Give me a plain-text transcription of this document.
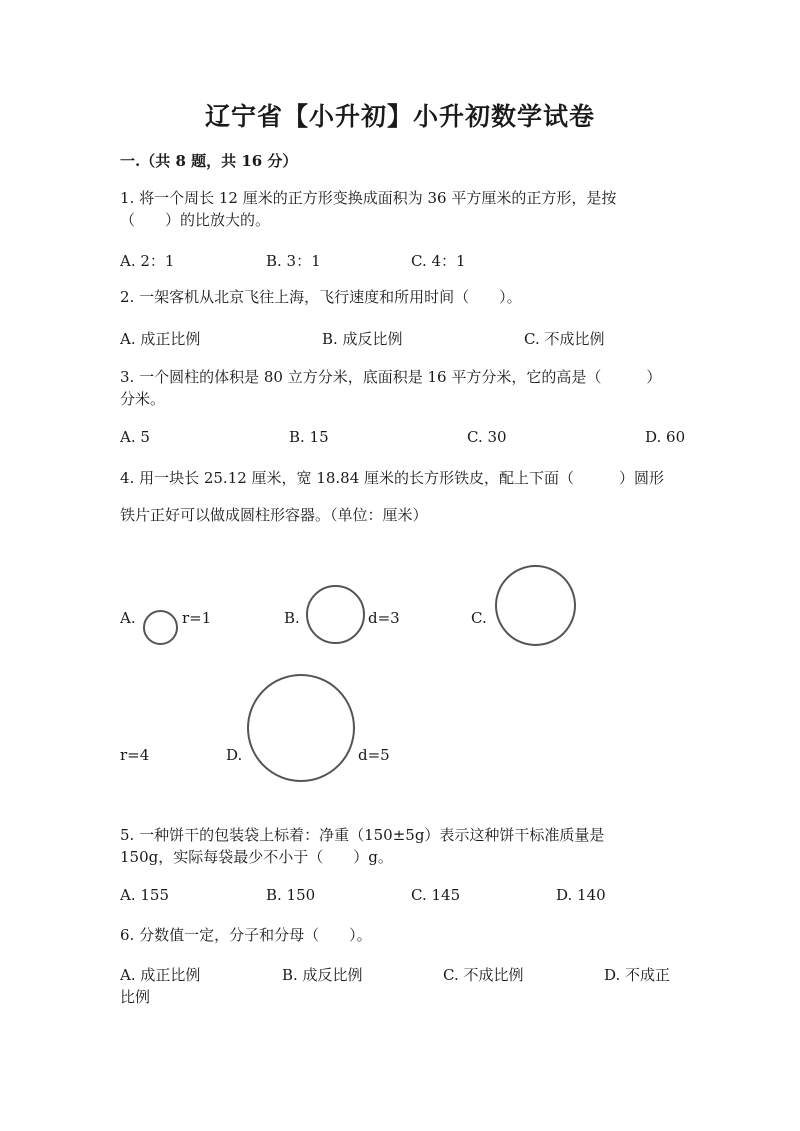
辽宁省【小升初】小升初数学试卷
一.（共 8 题，共 16 分）
1. 将一个周长 12 厘米的正方形变换成面积为 36 平方厘米的正方形，是按
（　　）的比放大的。
A. 2：1	B. 3：1	C. 4：1
2. 一架客机从北京飞往上海，飞行速度和所用时间（　　）。
A. 成正比例	B. 成反比例	C. 不成比例
3. 一个圆柱的体积是 80 立方分米，底面积是 16 平方分米，它的高是（　　　）
分米。
A. 5	B. 15	C. 30	D. 60
4. 用一块长 25.12 厘米，宽 18.84 厘米的长方形铁皮，配上下面（　　　）圆形
铁片正好可以做成圆柱形容器。（单位：厘米）
A.	r=1	B.	d=3	C.
r=4	D.	d=5
5. 一种饼干的包装袋上标着：净重（150±5g）表示这种饼干标准质量是
150g，实际每袋最少不小于（　　）g。
A. 155	B. 150	C. 145	D. 140
6. 分数值一定，分子和分母（　　）。
A. 成正比例	B. 成反比例	C. 不成比例	D. 不成正
比例
